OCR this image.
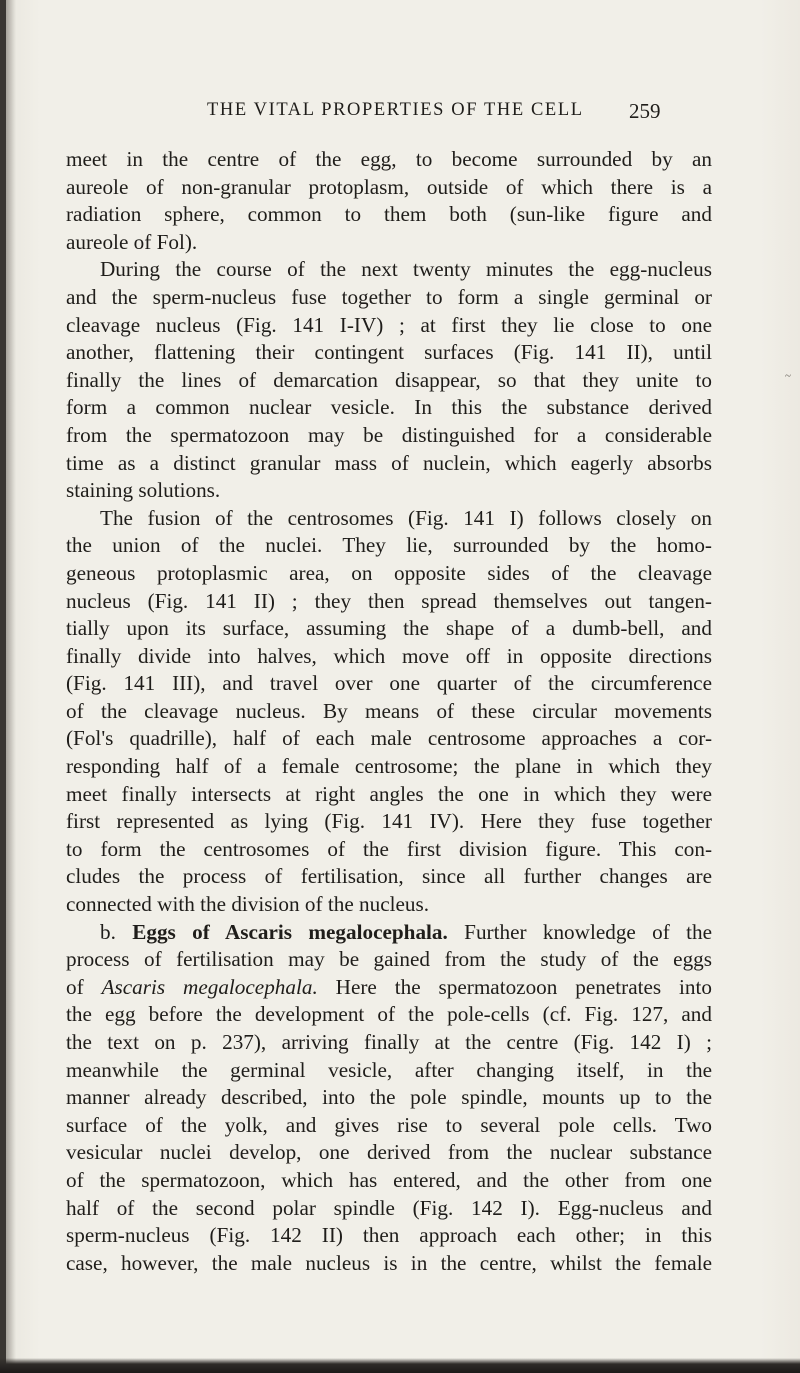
THE VITAL PROPERTIES OF THE CELL 259
~
meet in the centre of the egg, to become surrounded by an
aureole of non-granular protoplasm, outside of which there is a
radiation sphere, common to them both (sun-like figure and
aureole of Fol).
During the course of the next twenty minutes the egg-nucleus
and the sperm-nucleus fuse together to form a single germinal or
cleavage nucleus (Fig. 141 I-IV) ; at first they lie close to one
another, flattening their contingent surfaces (Fig. 141 II), until
finally the lines of demarcation disappear, so that they unite to
form a common nuclear vesicle. In this the substance derived
from the spermatozoon may be distinguished for a considerable
time as a distinct granular mass of nuclein, which eagerly absorbs
staining solutions.
The fusion of the centrosomes (Fig. 141 I) follows closely on
the union of the nuclei. They lie, surrounded by the homo-
geneous protoplasmic area, on opposite sides of the cleavage
nucleus (Fig. 141 II) ; they then spread themselves out tangen-
tially upon its surface, assuming the shape of a dumb-bell, and
finally divide into halves, which move off in opposite directions
(Fig. 141 III), and travel over one quarter of the circumference
of the cleavage nucleus. By means of these circular movements
(Fol's quadrille), half of each male centrosome approaches a cor-
responding half of a female centrosome; the plane in which they
meet finally intersects at right angles the one in which they were
first represented as lying (Fig. 141 IV). Here they fuse together
to form the centrosomes of the first division figure. This con-
cludes the process of fertilisation, since all further changes are
connected with the division of the nucleus.
b. Eggs of Ascaris megalocephala. Further knowledge of the
process of fertilisation may be gained from the study of the eggs
of Ascaris megalocephala. Here the spermatozoon penetrates into
the egg before the development of the pole-cells (cf. Fig. 127, and
the text on p. 237), arriving finally at the centre (Fig. 142 I) ;
meanwhile the germinal vesicle, after changing itself, in the
manner already described, into the pole spindle, mounts up to the
surface of the yolk, and gives rise to several pole cells. Two
vesicular nuclei develop, one derived from the nuclear substance
of the spermatozoon, which has entered, and the other from one
half of the second polar spindle (Fig. 142 I). Egg-nucleus and
sperm-nucleus (Fig. 142 II) then approach each other; in this
case, however, the male nucleus is in the centre, whilst the female
